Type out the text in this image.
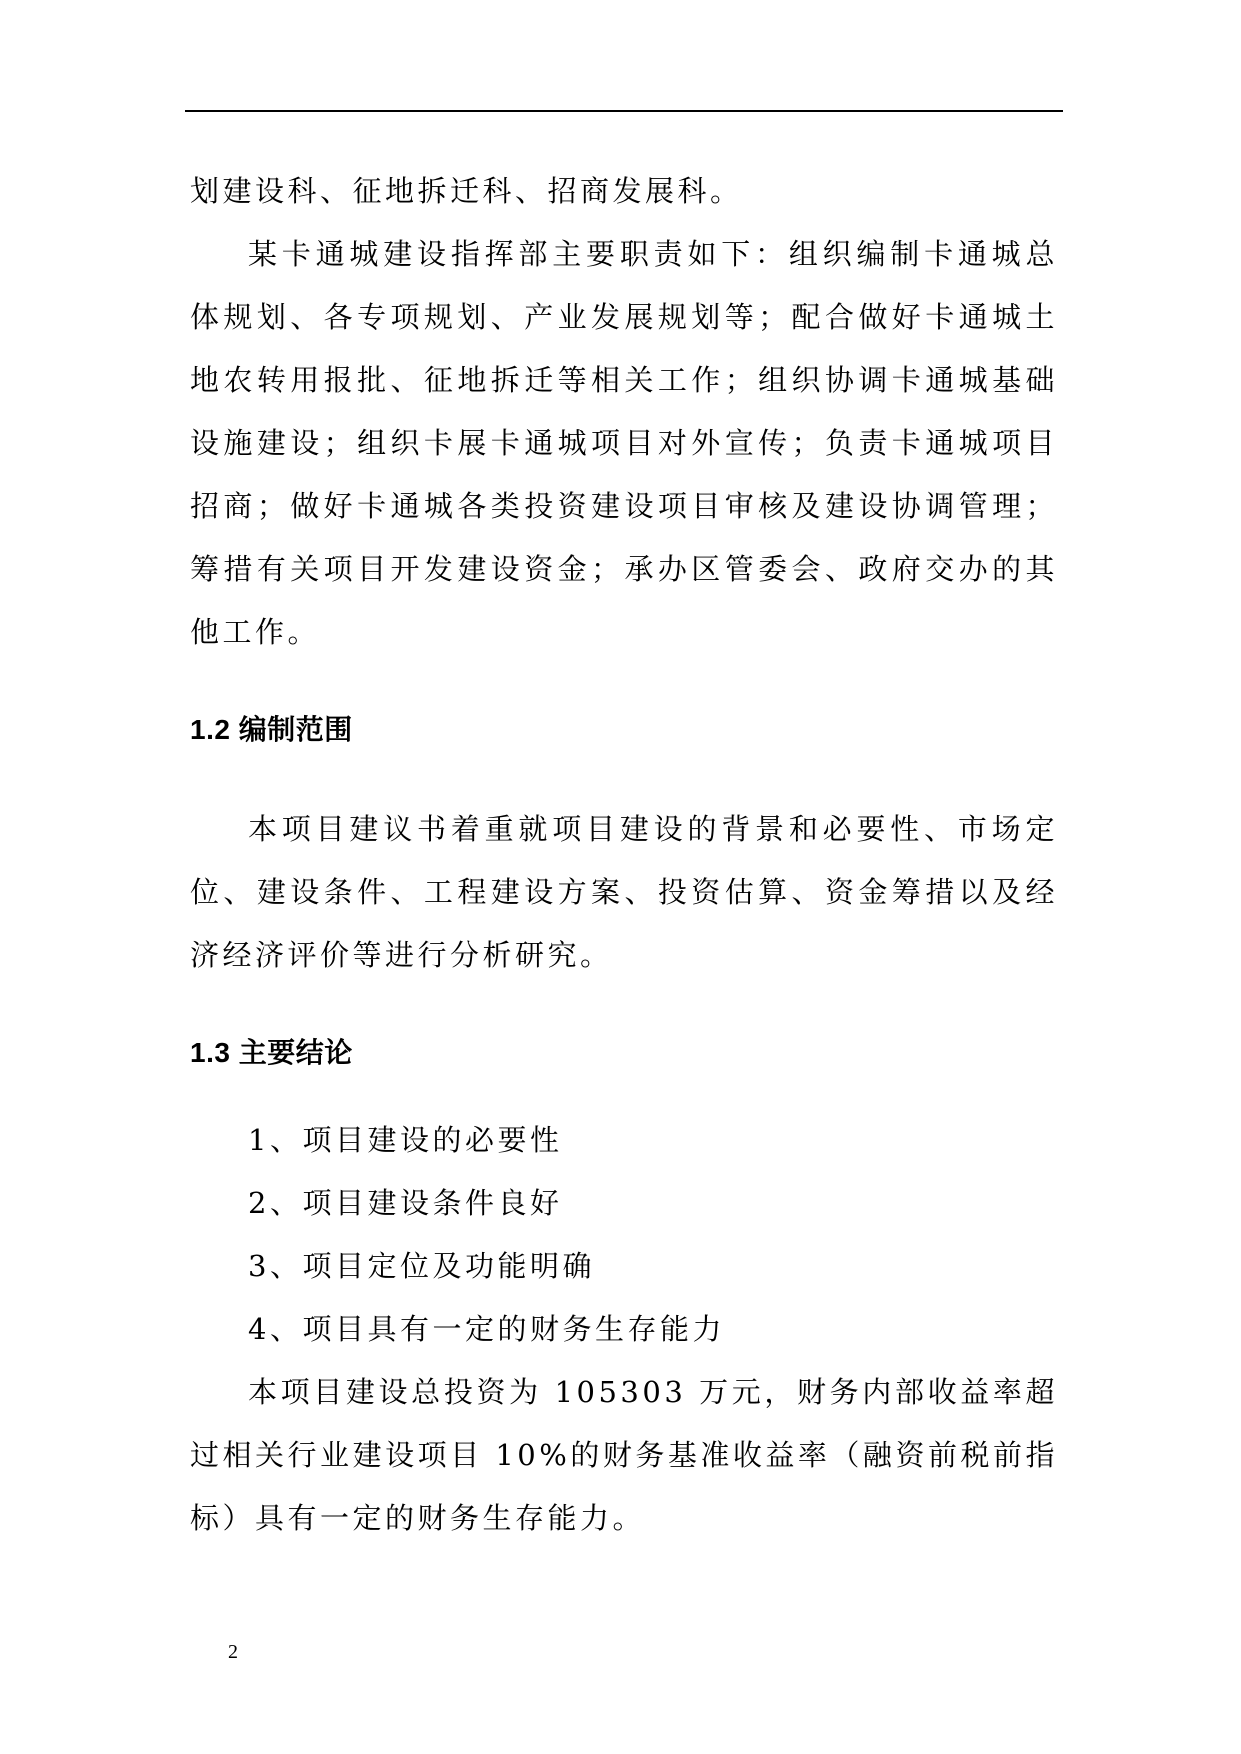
划建设科、征地拆迁科、招商发展科。

某卡通城建设指挥部主要职责如下：组织编制卡通城总体规划、各专项规划、产业发展规划等；配合做好卡通城土地农转用报批、征地拆迁等相关工作；组织协调卡通城基础设施建设；组织卡展卡通城项目对外宣传；负责卡通城项目招商；做好卡通城各类投资建设项目审核及建设协调管理；筹措有关项目开发建设资金；承办区管委会、政府交办的其他工作。

1.2 编制范围

本项目建议书着重就项目建设的背景和必要性、市场定位、建设条件、工程建设方案、投资估算、资金筹措以及经济经济评价等进行分析研究。

1.3 主要结论
1、项目建设的必要性
2、项目建设条件良好
3、项目定位及功能明确
4、项目具有一定的财务生存能力

本项目建设总投资为 105303 万元，财务内部收益率超过相关行业建设项目 10%的财务基准收益率（融资前税前指标）具有一定的财务生存能力。

2
